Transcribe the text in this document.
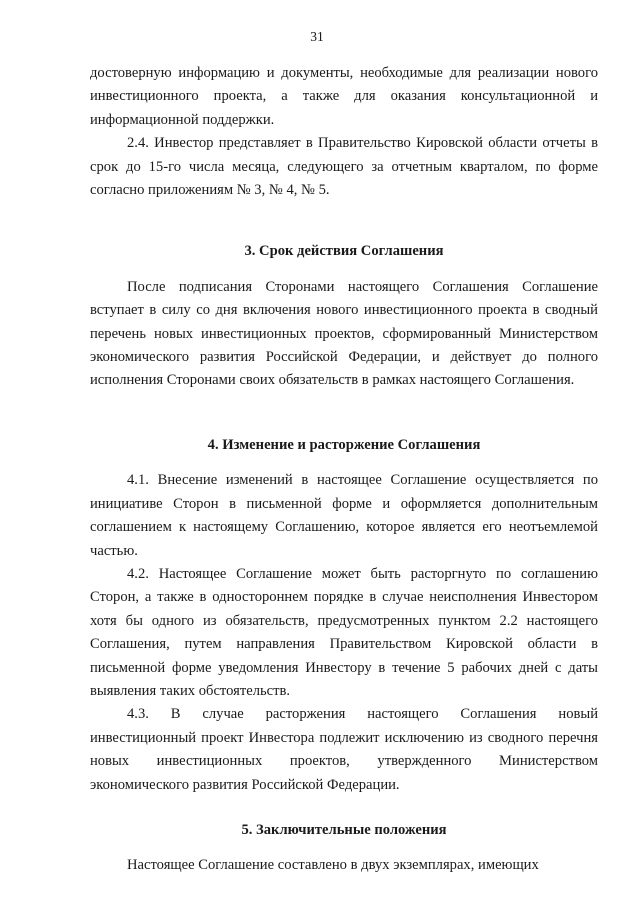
31

достоверную информацию и документы, необходимые для реализации нового инвестиционного проекта, а также для оказания консультационной и информационной поддержки.

2.4. Инвестор представляет в Правительство Кировской области отчеты в срок до 15-го числа месяца, следующего за отчетным кварталом, по форме согласно приложениям № 3, № 4, № 5.

3. Срок действия Соглашения

После подписания Сторонами настоящего Соглашения Соглашение вступает в силу со дня включения нового инвестиционного проекта в сводный перечень новых инвестиционных проектов, сформированный Министерством экономического развития Российской Федерации, и действует до полного исполнения Сторонами своих обязательств в рамках настоящего Соглашения.

4. Изменение и расторжение Соглашения

4.1. Внесение изменений в настоящее Соглашение осуществляется по инициативе Сторон в письменной форме и оформляется дополнительным соглашением к настоящему Соглашению, которое является его неотъемлемой частью.

4.2. Настоящее Соглашение может быть расторгнуто по соглашению Сторон, а также в одностороннем порядке в случае неисполнения Инвестором хотя бы одного из обязательств, предусмотренных пунктом 2.2 настоящего Соглашения, путем направления Правительством Кировской области в письменной форме уведомления Инвестору в течение 5 рабочих дней с даты выявления таких обстоятельств.

4.3. В случае расторжения настоящего Соглашения новый инвестиционный проект Инвестора подлежит исключению из сводного перечня новых инвестиционных проектов, утвержденного Министерством экономического развития Российской Федерации.

5. Заключительные положения

Настоящее Соглашение составлено в двух экземплярах, имеющих
